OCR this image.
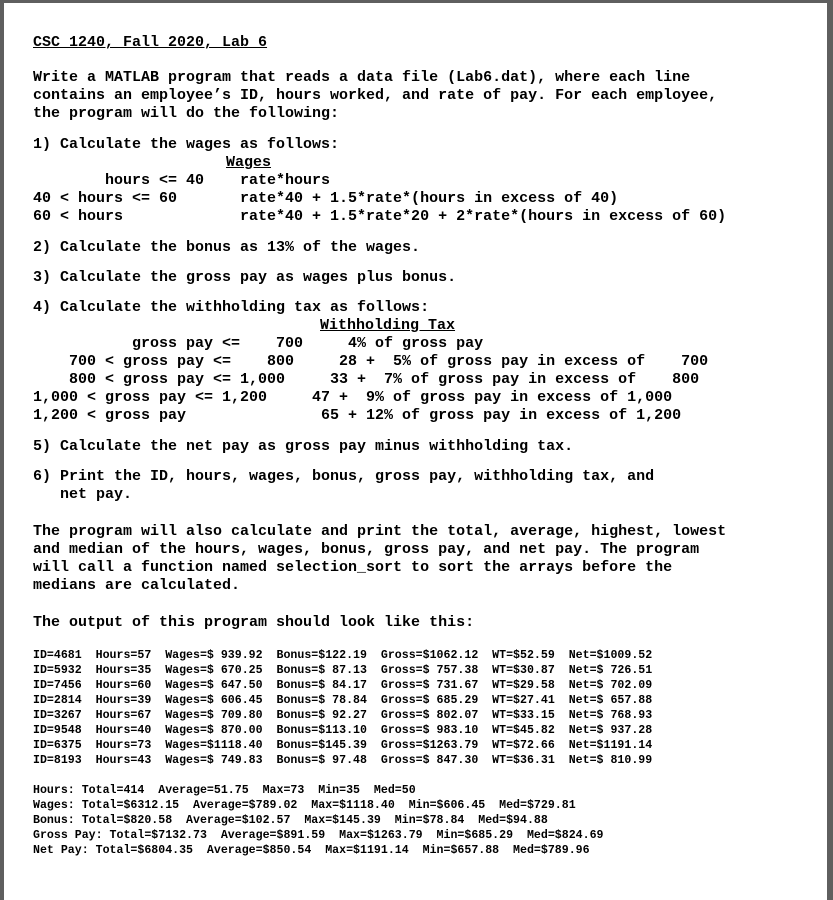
CSC 1240, Fall 2020, Lab 6
Write a MATLAB program that reads a data file (Lab6.dat), where each line
contains an employee’s ID, hours worked, and rate of pay. For each employee,
the program will do the following:
1) Calculate the wages as follows:
Wages
hours <= 40    rate*hours
40 < hours <= 60       rate*40 + 1.5*rate*(hours in excess of 40)
60 < hours             rate*40 + 1.5*rate*20 + 2*rate*(hours in excess of 60)
2) Calculate the bonus as 13% of the wages.
3) Calculate the gross pay as wages plus bonus.
4) Calculate the withholding tax as follows:
Withholding Tax
gross pay <=    700     4% of gross pay
700 < gross pay <=    800     28 +  5% of gross pay in excess of    700
800 < gross pay <= 1,000     33 +  7% of gross pay in excess of    800
1,000 < gross pay <= 1,200     47 +  9% of gross pay in excess of 1,000
1,200 < gross pay               65 + 12% of gross pay in excess of 1,200
5) Calculate the net pay as gross pay minus withholding tax.
6) Print the ID, hours, wages, bonus, gross pay, withholding tax, and
net pay.
The program will also calculate and print the total, average, highest, lowest
and median of the hours, wages, bonus, gross pay, and net pay. The program
will call a function named selection_sort to sort the arrays before the
medians are calculated.
The output of this program should look like this:
ID=4681  Hours=57  Wages=$ 939.92  Bonus=$122.19  Gross=$1062.12  WT=$52.59  Net=$1009.52
ID=5932  Hours=35  Wages=$ 670.25  Bonus=$ 87.13  Gross=$ 757.38  WT=$30.87  Net=$ 726.51
ID=7456  Hours=60  Wages=$ 647.50  Bonus=$ 84.17  Gross=$ 731.67  WT=$29.58  Net=$ 702.09
ID=2814  Hours=39  Wages=$ 606.45  Bonus=$ 78.84  Gross=$ 685.29  WT=$27.41  Net=$ 657.88
ID=3267  Hours=67  Wages=$ 709.80  Bonus=$ 92.27  Gross=$ 802.07  WT=$33.15  Net=$ 768.93
ID=9548  Hours=40  Wages=$ 870.00  Bonus=$113.10  Gross=$ 983.10  WT=$45.82  Net=$ 937.28
ID=6375  Hours=73  Wages=$1118.40  Bonus=$145.39  Gross=$1263.79  WT=$72.66  Net=$1191.14
ID=8193  Hours=43  Wages=$ 749.83  Bonus=$ 97.48  Gross=$ 847.30  WT=$36.31  Net=$ 810.99
Hours: Total=414  Average=51.75  Max=73  Min=35  Med=50
Wages: Total=$6312.15  Average=$789.02  Max=$1118.40  Min=$606.45  Med=$729.81
Bonus: Total=$820.58  Average=$102.57  Max=$145.39  Min=$78.84  Med=$94.88
Gross Pay: Total=$7132.73  Average=$891.59  Max=$1263.79  Min=$685.29  Med=$824.69
Net Pay: Total=$6804.35  Average=$850.54  Max=$1191.14  Min=$657.88  Med=$789.96
